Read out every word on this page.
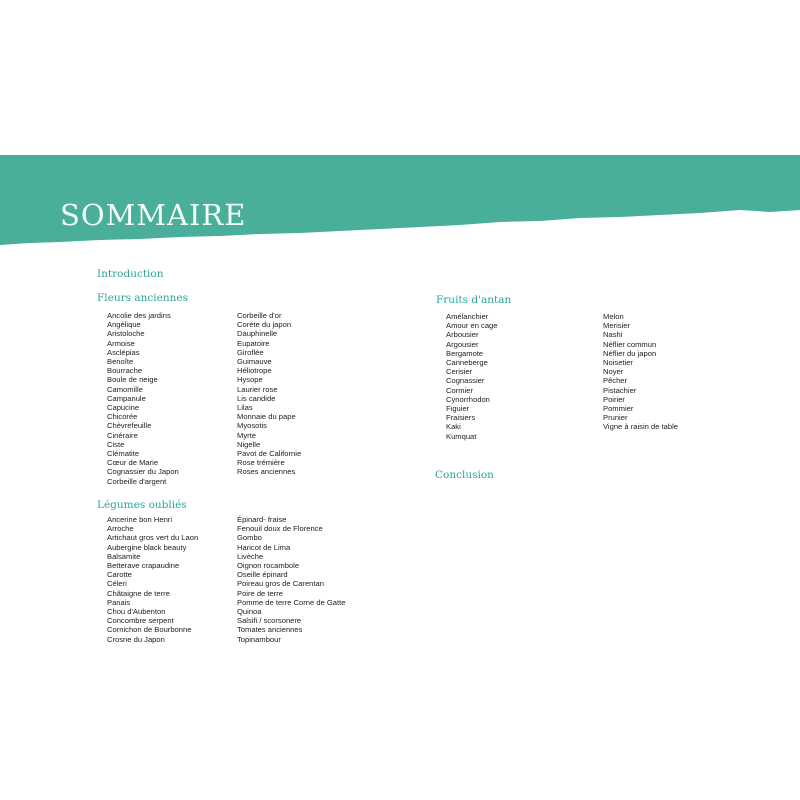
SOMMAIRE
Introduction
Fleurs anciennes
Ancolie des jardins
Angélique
Aristoloche
Armoise
Asclépias
Benoîte
Bourrache
Boule de neige
Camomille
Campanule
Capucine
Chicorée
Chèvrefeuille
Cinéraire
Ciste
Clématite
Cœur de Marie
Cognassier du Japon
Corbeille d'argent
Corbeille d'or
Corète du japon
Dauphinelle
Eupatoire
Giroflée
Guimauve
Héliotrope
Hysope
Laurier rose
Lis candide
Lilas
Monnaie du pape
Myosotis
Myrte
Nigelle
Pavot de Californie
Rose trémière
Roses anciennes
Légumes oubliés
Ancerine bon Henri
Arroche
Artichaut gros vert du Laon
Aubergine black beauty
Balsamite
Betterave crapaudine
Carotte
Céleri
Châtaigne de terre
Panais
Chou d'Aubenton
Concombre serpent
Cornichon de Bourbonne
Crosne du Japon
Épinard- fraise
Fenouil doux de Florence
Gombo
Haricot de Lima
Livèche
Oignon rocambole
Oseille épinard
Poireau gros de Carentan
Poire de terre
Pomme de terre Corne de Gatte
Quinoa
Salsifi / scorsonere
Tomates anciennes
Topinambour
Fruits d'antan
Amélanchier
Amour en cage
Arbousier
Argousier
Bergamote
Canneberge
Cerisier
Cognassier
Cormier
Cynorrhodon
Figuier
Fraisiers
Kaki
Kumquat
Melon
Merisier
Nashi
Néflier commun
Néflier du japon
Noisetier
Noyer
Pêcher
Pistachier
Poirier
Pommier
Prunier
Vigne à raisin de table
Conclusion
